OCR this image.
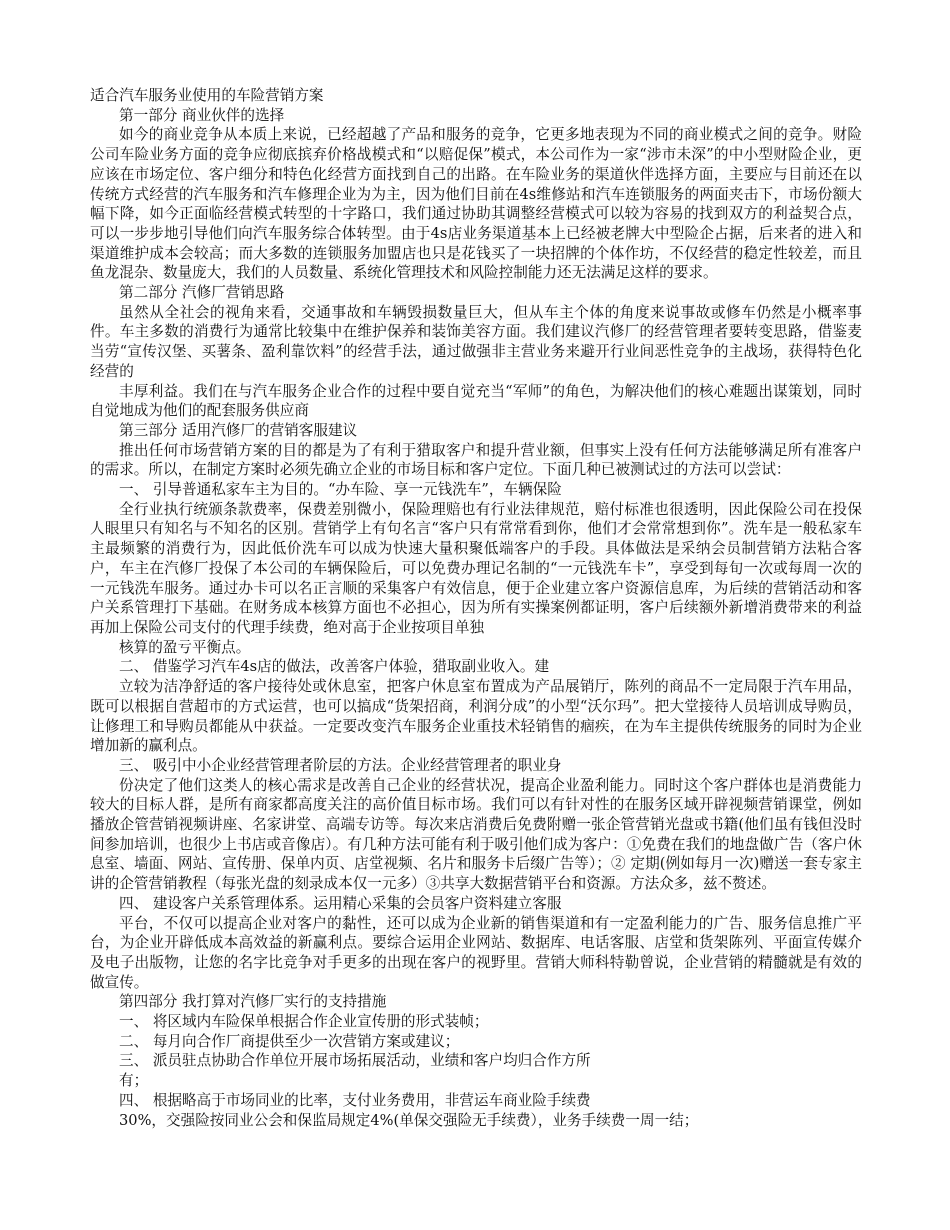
适合汽车服务业使用的车险营销方案

第一部分 商业伙伴的选择

如今的商业竞争从本质上来说，已经超越了产品和服务的竞争，它更多地表现为不同的商业模式之间的竞争。财险公司车险业务方面的竞争应彻底摈弃价格战模式和“以赔促保”模式，本公司作为一家“涉市未深”的中小型财险企业，更应该在市场定位、客户细分和特色化经营方面找到自己的出路。在车险业务的渠道伙伴选择方面，主要应与目前还在以传统方式经营的汽车服务和汽车修理企业为为主，因为他们目前在4s维修站和汽车连锁服务的两面夹击下，市场份额大幅下降，如今正面临经营模式转型的十字路口，我们通过协助其调整经营模式可以较为容易的找到双方的利益契合点，可以一步步地引导他们向汽车服务综合体转型。由于4s店业务渠道基本上已经被老牌大中型险企占据，后来者的进入和渠道维护成本会较高；而大多数的连锁服务加盟店也只是花钱买了一块招牌的个体作坊，不仅经营的稳定性较差，而且鱼龙混杂、数量庞大，我们的人员数量、系统化管理技术和风险控制能力还无法满足这样的要求。

第二部分 汽修厂营销思路

虽然从全社会的视角来看，交通事故和车辆毁损数量巨大，但从车主个体的角度来说事故或修车仍然是小概率事件。车主多数的消费行为通常比较集中在维护保养和装饰美容方面。我们建议汽修厂的经营管理者要转变思路，借鉴麦当劳“宣传汉堡、买薯条、盈利靠饮料”的经营手法，通过做强非主营业务来避开行业间恶性竞争的主战场，获得特色化经营的

丰厚利益。我们在与汽车服务企业合作的过程中要自觉充当“军师”的角色，为解决他们的核心难题出谋策划，同时自觉地成为他们的配套服务供应商

第三部分 适用汽修厂的营销客服建议

推出任何市场营销方案的目的都是为了有利于猎取客户和提升营业额，但事实上没有任何方法能够满足所有准客户的需求。所以，在制定方案时必须先确立企业的市场目标和客户定位。下面几种已被测试过的方法可以尝试：

一、 引导普通私家车主为目的。“办车险、享一元钱洗车”，车辆保险

全行业执行统颁条款费率，保费差别微小，保险理赔也有行业法律规范，赔付标准也很透明，因此保险公司在投保人眼里只有知名与不知名的区别。营销学上有句名言“客户只有常常看到你，他们才会常常想到你”。洗车是一般私家车主最频繁的消费行为，因此低价洗车可以成为快速大量积聚低端客户的手段。具体做法是采纳会员制营销方法粘合客户，车主在汽修厂投保了本公司的车辆保险后，可以免费办理记名制的“一元钱洗车卡”，享受到每旬一次或每周一次的一元钱洗车服务。通过办卡可以名正言顺的采集客户有效信息，便于企业建立客户资源信息库，为后续的营销活动和客户关系管理打下基础。在财务成本核算方面也不必担心，因为所有实操案例都证明，客户后续额外新增消费带来的利益再加上保险公司支付的代理手续费，绝对高于企业按项目单独

核算的盈亏平衡点。

二、 借鉴学习汽车4s店的做法，改善客户体验，猎取副业收入。建

立较为洁净舒适的客户接待处或休息室，把客户休息室布置成为产品展销厅，陈列的商品不一定局限于汽车用品，既可以根据自营超市的方式运营，也可以搞成“货架招商，利润分成”的小型“沃尔玛”。把大堂接待人员培训成导购员，让修理工和导购员都能从中获益。一定要改变汽车服务企业重技术轻销售的痼疾，在为车主提供传统服务的同时为企业增加新的赢利点。

三、 吸引中小企业经营管理者阶层的方法。企业经营管理者的职业身

份决定了他们这类人的核心需求是改善自己企业的经营状况，提高企业盈利能力。同时这个客户群体也是消费能力较大的目标人群，是所有商家都高度关注的高价值目标市场。我们可以有针对性的在服务区域开辟视频营销课堂，例如播放企管营销视频讲座、名家讲堂、高端专访等。每次来店消费后免费附赠一张企管营销光盘或书籍(他们虽有钱但没时间参加培训，也很少上书店或音像店）。有几种方法可能有利于吸引他们成为客户：①免费在我们的地盘做广告（客户休息室、墙面、网站、宣传册、保单内页、店堂视频、名片和服务卡后缀广告等）；② 定期(例如每月一次)赠送一套专家主讲的企管营销教程（每张光盘的刻录成本仅一元多）③共享大数据营销平台和资源。方法众多，兹不赘述。

四、 建设客户关系管理体系。运用精心采集的会员客户资料建立客服

平台，不仅可以提高企业对客户的黏性，还可以成为企业新的销售渠道和有一定盈利能力的广告、服务信息推广平台，为企业开辟低成本高效益的新赢利点。要综合运用企业网站、数据库、电话客服、店堂和货架陈列、平面宣传媒介及电子出版物，让您的名字比竞争对手更多的出现在客户的视野里。营销大师科特勒曾说，企业营销的精髓就是有效的做宣传。

第四部分 我打算对汽修厂实行的支持措施

一、 将区域内车险保单根据合作企业宣传册的形式装帧；

二、 每月向合作厂商提供至少一次营销方案或建议；

三、 派员驻点协助合作单位开展市场拓展活动，业绩和客户均归合作方所

有；

四、 根据略高于市场同业的比率，支付业务费用，非营运车商业险手续费

30%，交强险按同业公会和保监局规定4%(单保交强险无手续费），业务手续费一周一结；
